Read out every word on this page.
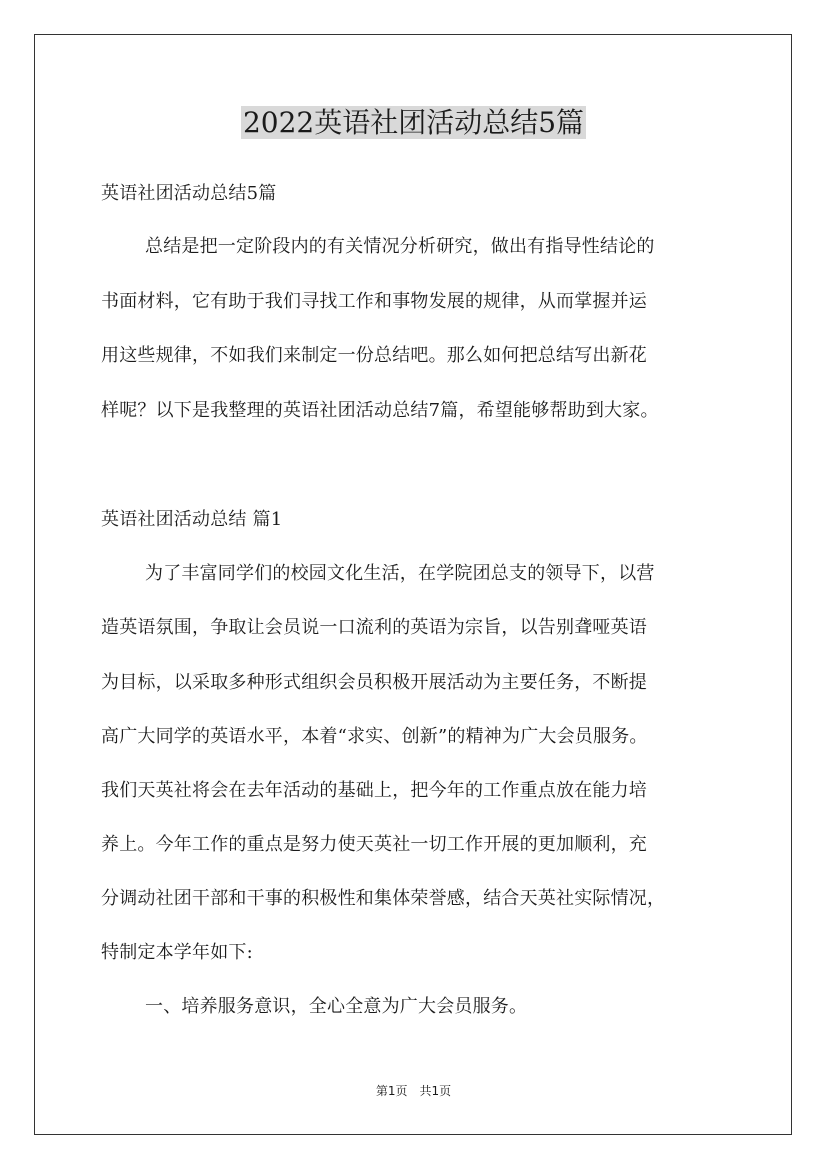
2022英语社团活动总结5篇
英语社团活动总结5篇
总结是把一定阶段内的有关情况分析研究，做出有指导性结论的
书面材料，它有助于我们寻找工作和事物发展的规律，从而掌握并运
用这些规律，不如我们来制定一份总结吧。那么如何把总结写出新花
样呢？以下是我整理的英语社团活动总结7篇，希望能够帮助到大家。
英语社团活动总结 篇1
为了丰富同学们的校园文化生活，在学院团总支的领导下，以营
造英语氛围，争取让会员说一口流利的英语为宗旨，以告别聋哑英语
为目标，以采取多种形式组织会员积极开展活动为主要任务，不断提
高广大同学的英语水平，本着“求实、创新”的精神为广大会员服务。
我们天英社将会在去年活动的基础上，把今年的工作重点放在能力培
养上。今年工作的重点是努力使天英社一切工作开展的更加顺利，充
分调动社团干部和干事的积极性和集体荣誉感，结合天英社实际情况，
特制定本学年如下:
一、培养服务意识，全心全意为广大会员服务。
第1页　共1页
